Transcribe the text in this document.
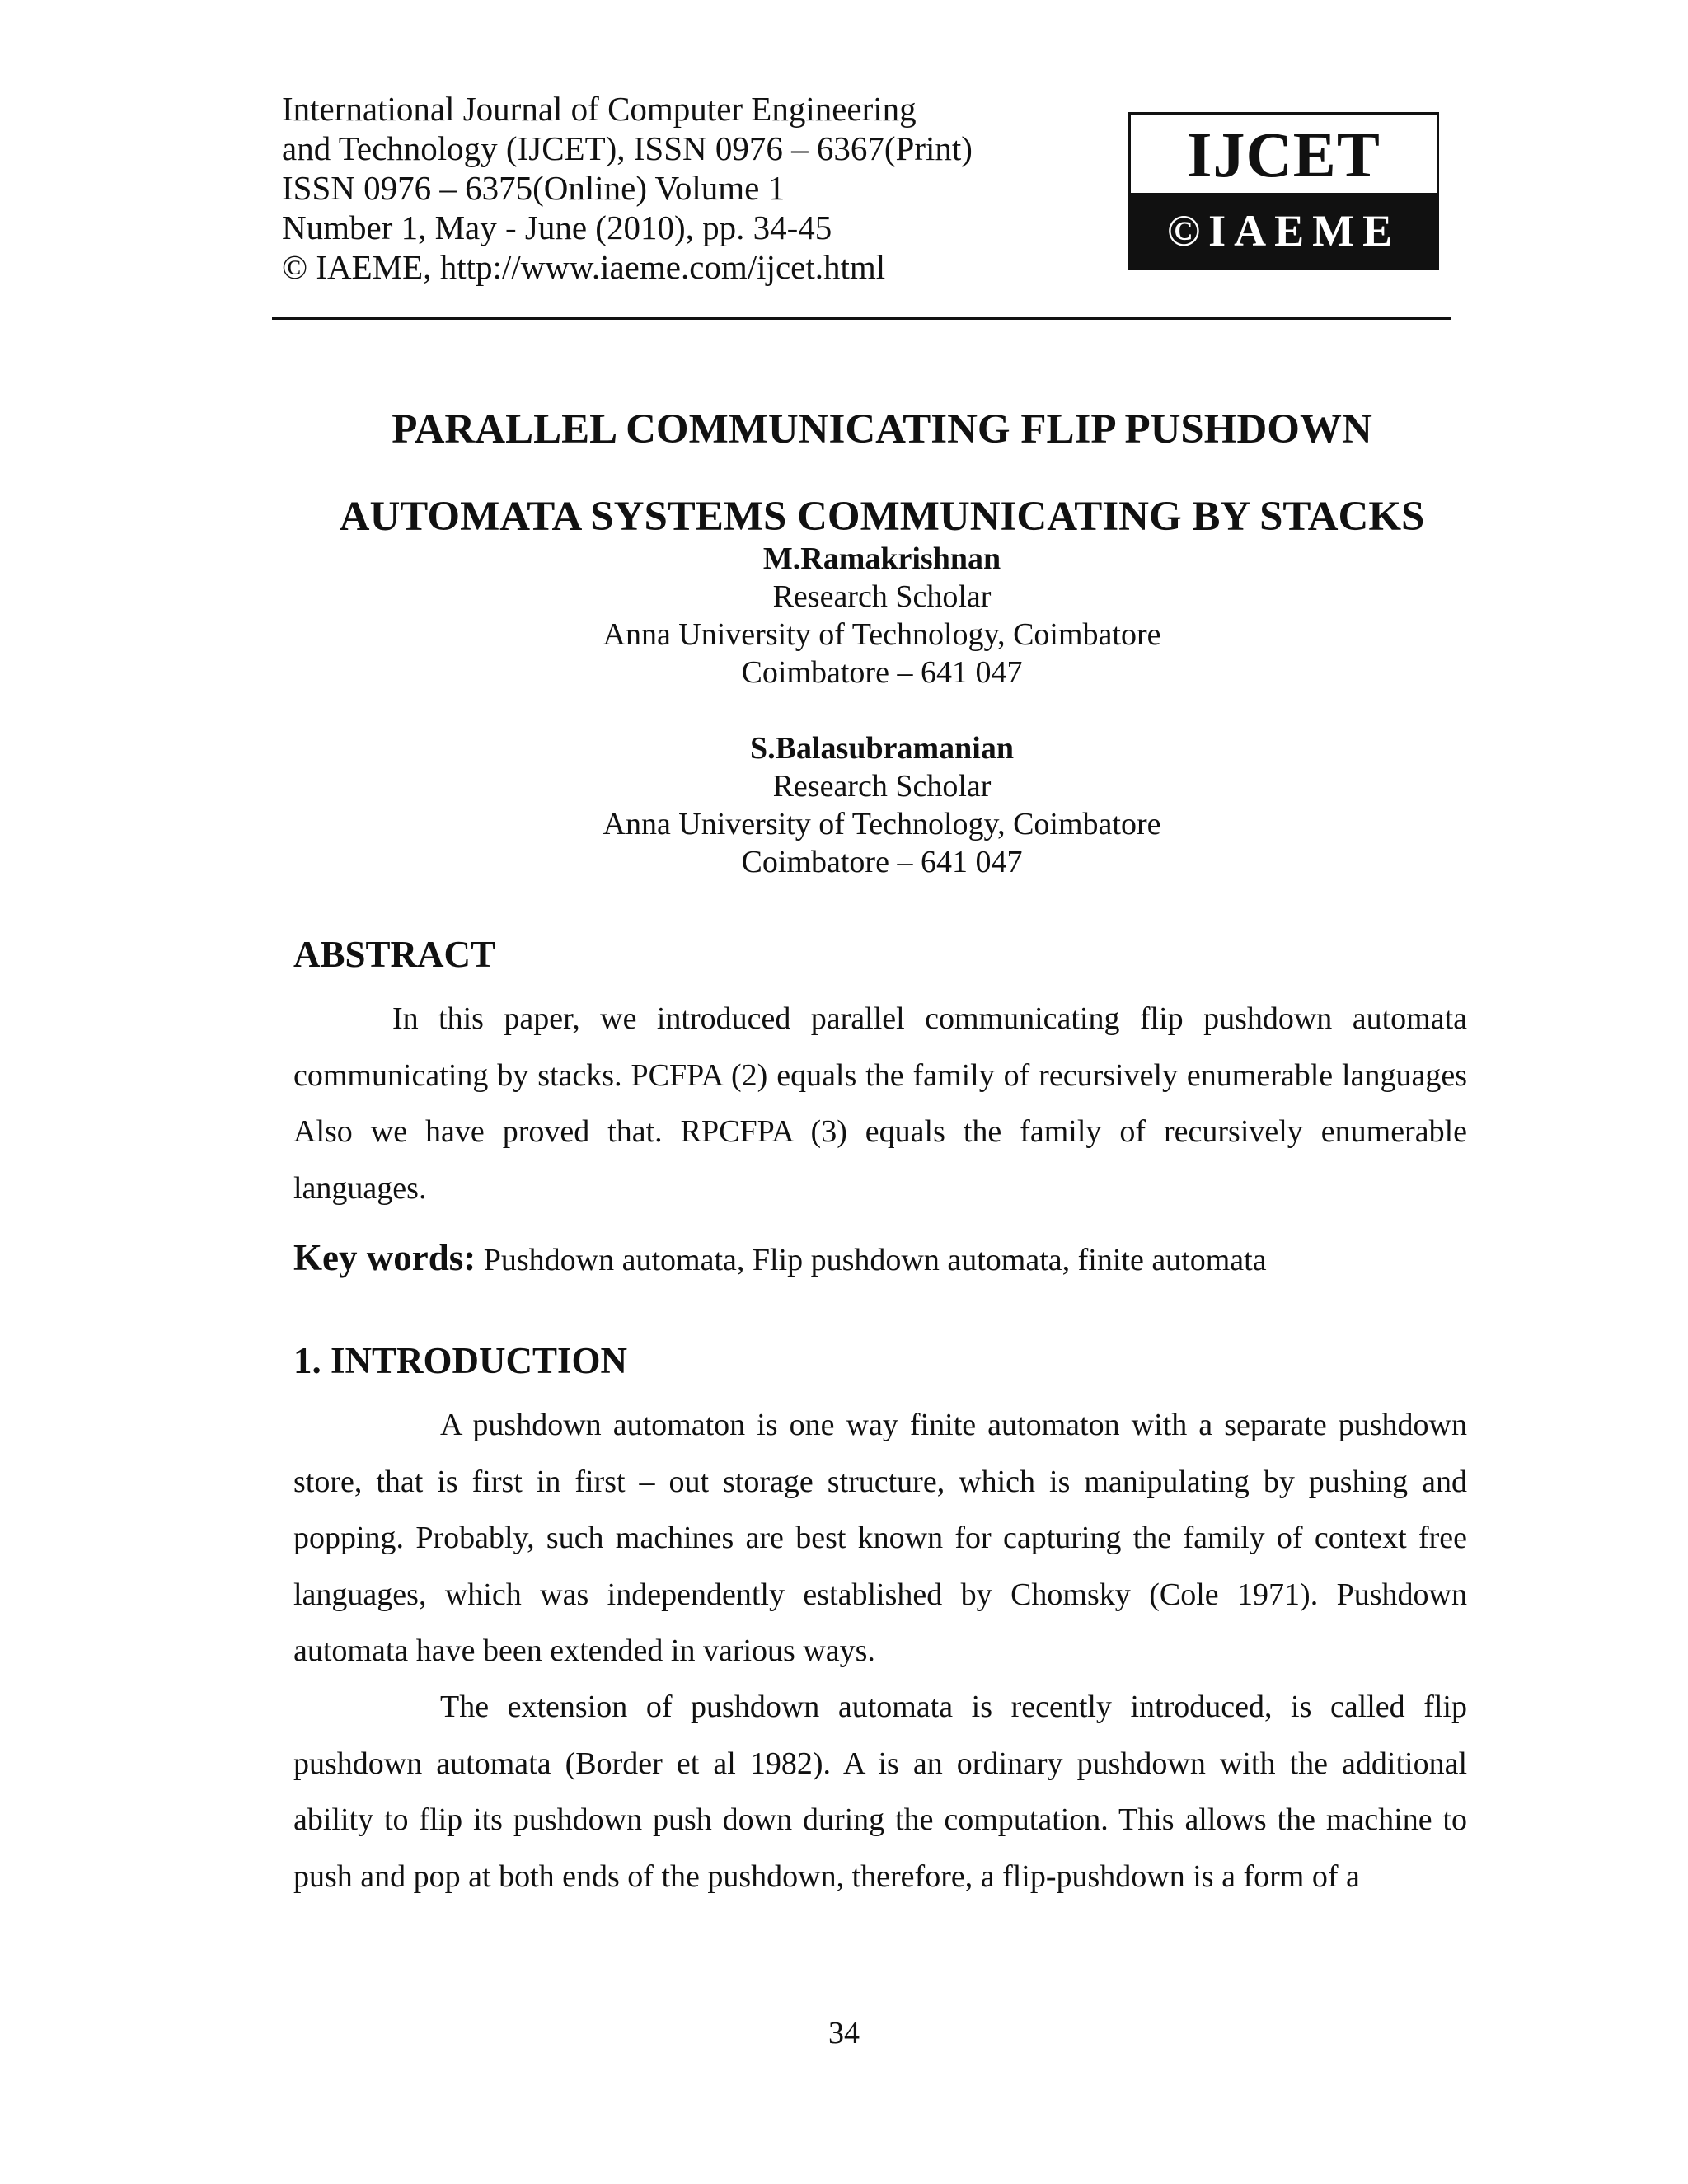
International Journal of Computer Engineering
and Technology (IJCET), ISSN 0976 – 6367(Print)
ISSN 0976 – 6375(Online) Volume 1
Number 1, May - June (2010), pp. 34-45
© IAEME, http://www.iaeme.com/ijcet.html
IJCET
©IAEME
PARALLEL COMMUNICATING FLIP PUSHDOWN
AUTOMATA SYSTEMS COMMUNICATING BY STACKS
M.Ramakrishnan
Research Scholar
Anna University of Technology, Coimbatore
Coimbatore – 641 047
S.Balasubramanian
Research Scholar
Anna University of Technology, Coimbatore
Coimbatore – 641 047
ABSTRACT
In this paper, we introduced parallel communicating flip pushdown automata communicating by stacks. PCFPA (2) equals the family of recursively enumerable languages Also we have proved that. RPCFPA (3) equals the family of recursively enumerable languages.
Key words: Pushdown automata, Flip pushdown automata, finite automata
1. INTRODUCTION
A pushdown automaton is one way finite automaton with a separate pushdown store, that is first in first – out storage structure, which is manipulating by pushing and popping. Probably, such machines are best known for capturing the family of context free languages, which was independently established by Chomsky (Cole 1971). Pushdown automata have been extended in various ways.
The extension of pushdown automata is recently introduced, is called flip pushdown automata (Border et al 1982). A is an ordinary pushdown with the additional ability to flip its pushdown push down during the computation. This allows the machine to push and pop at both ends of the pushdown, therefore, a flip-pushdown is a form of a
34
